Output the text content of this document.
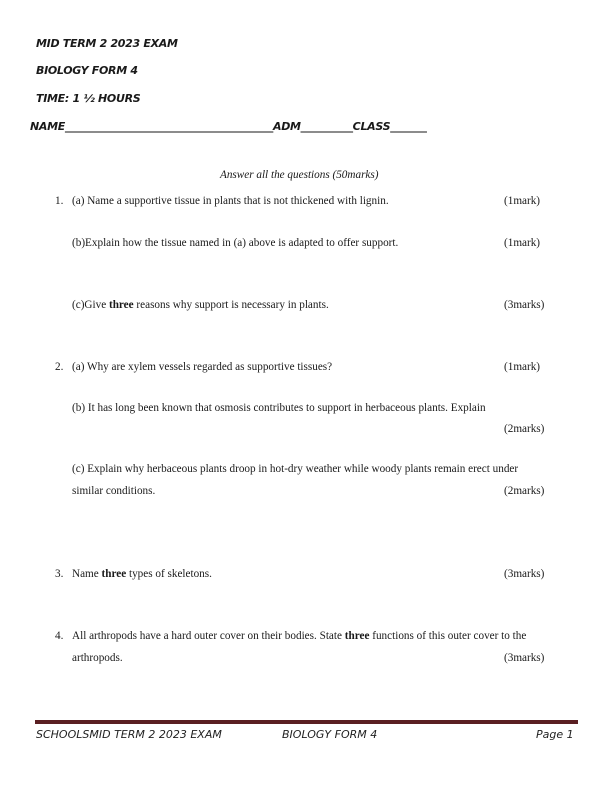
MID TERM 2 2023 EXAM
BIOLOGY FORM 4
TIME: 1 ½ HOURS
NAME________________________________________ADM__________CLASS_______
Answer all the questions (50marks)
1. (a) Name a supportive tissue in plants that is not thickened with lignin.	(1mark)
(b)Explain how the tissue named in (a) above is adapted to offer support.	(1mark)
(c)Give three reasons why support is necessary in plants.	(3marks)
2. (a) Why are xylem vessels regarded as supportive tissues?	(1mark)
(b) It has long been known that osmosis contributes to support in herbaceous plants. Explain
(2marks)
(c) Explain why herbaceous plants droop in hot-dry weather while woody plants remain erect under
similar conditions.	(2marks)
3. Name three types of skeletons.	(3marks)
4. All arthropods have a hard outer cover on their bodies. State three functions of this outer cover to the
arthropods.	(3marks)
SCHOOLSMID TERM 2 2023 EXAM	BIOLOGY FORM 4	Page 1
